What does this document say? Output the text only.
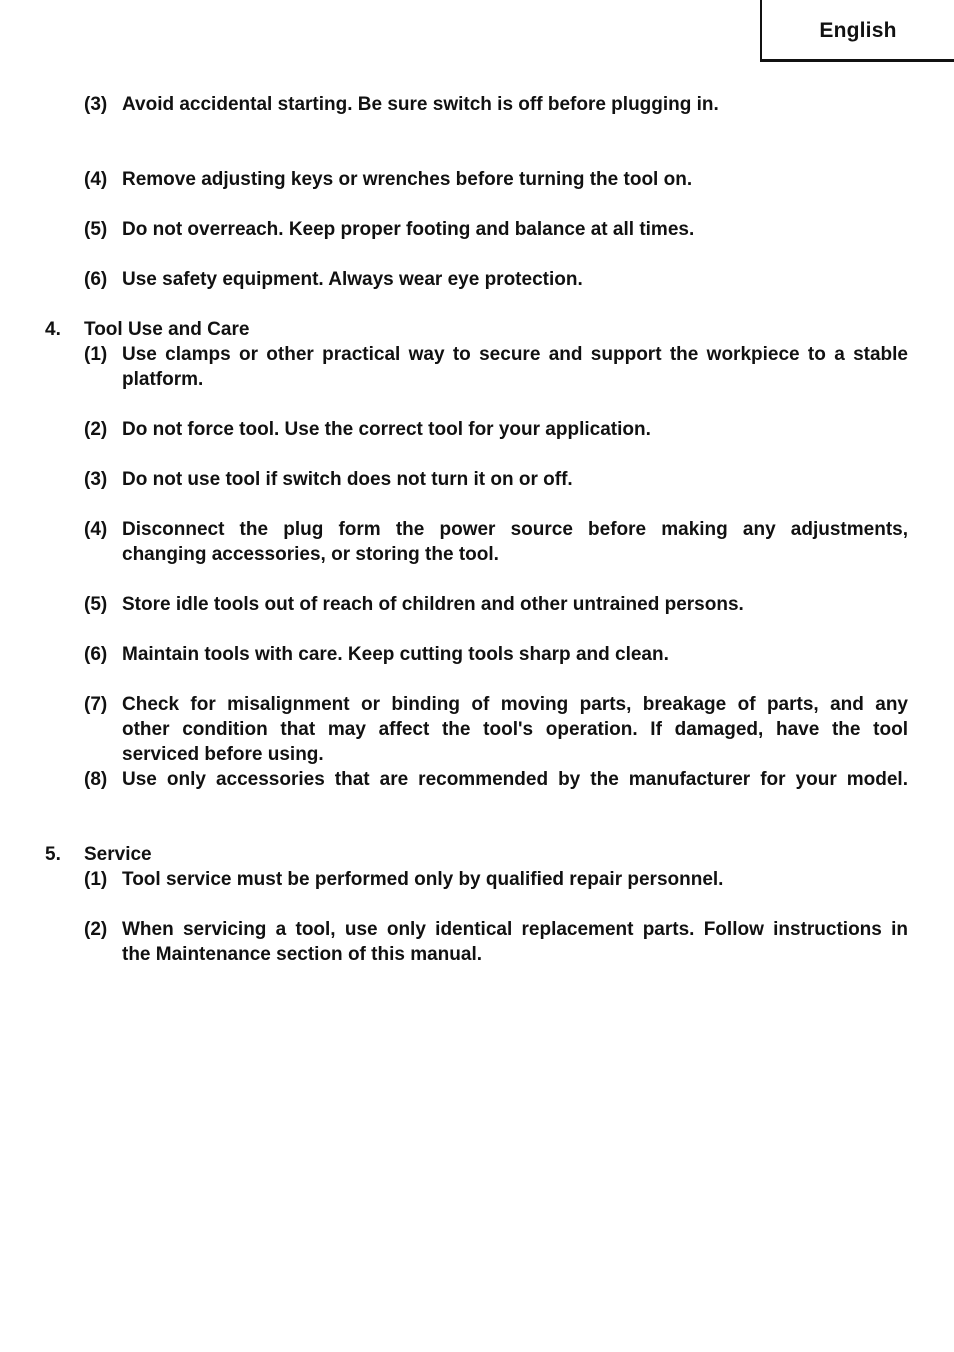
English
(3) Avoid accidental starting. Be sure switch is off before plugging in.
(4) Remove adjusting keys or wrenches before turning the tool on.
(5) Do not overreach. Keep proper footing and balance at all times.
(6) Use safety equipment. Always wear eye protection.
4. Tool Use and Care
(1) Use clamps or other practical way to secure and support the workpiece to a stable
platform.
(2) Do not force tool. Use the correct tool for your application.
(3) Do not use tool if switch does not turn it on or off.
(4) Disconnect the plug form the power source before making any adjustments,
changing accessories, or storing the tool.
(5) Store idle tools out of reach of children and other untrained persons.
(6) Maintain tools with care. Keep cutting tools sharp and clean.
(7) Check for misalignment or binding of moving parts, breakage of parts, and any
other condition that may affect the tool's operation. If damaged, have the tool
serviced before using.
(8) Use only accessories that are recommended by the manufacturer for your model.
5. Service
(1) Tool service must be performed only by qualified repair personnel.
(2) When servicing a tool, use only identical replacement parts. Follow instructions in
the Maintenance section of this manual.
